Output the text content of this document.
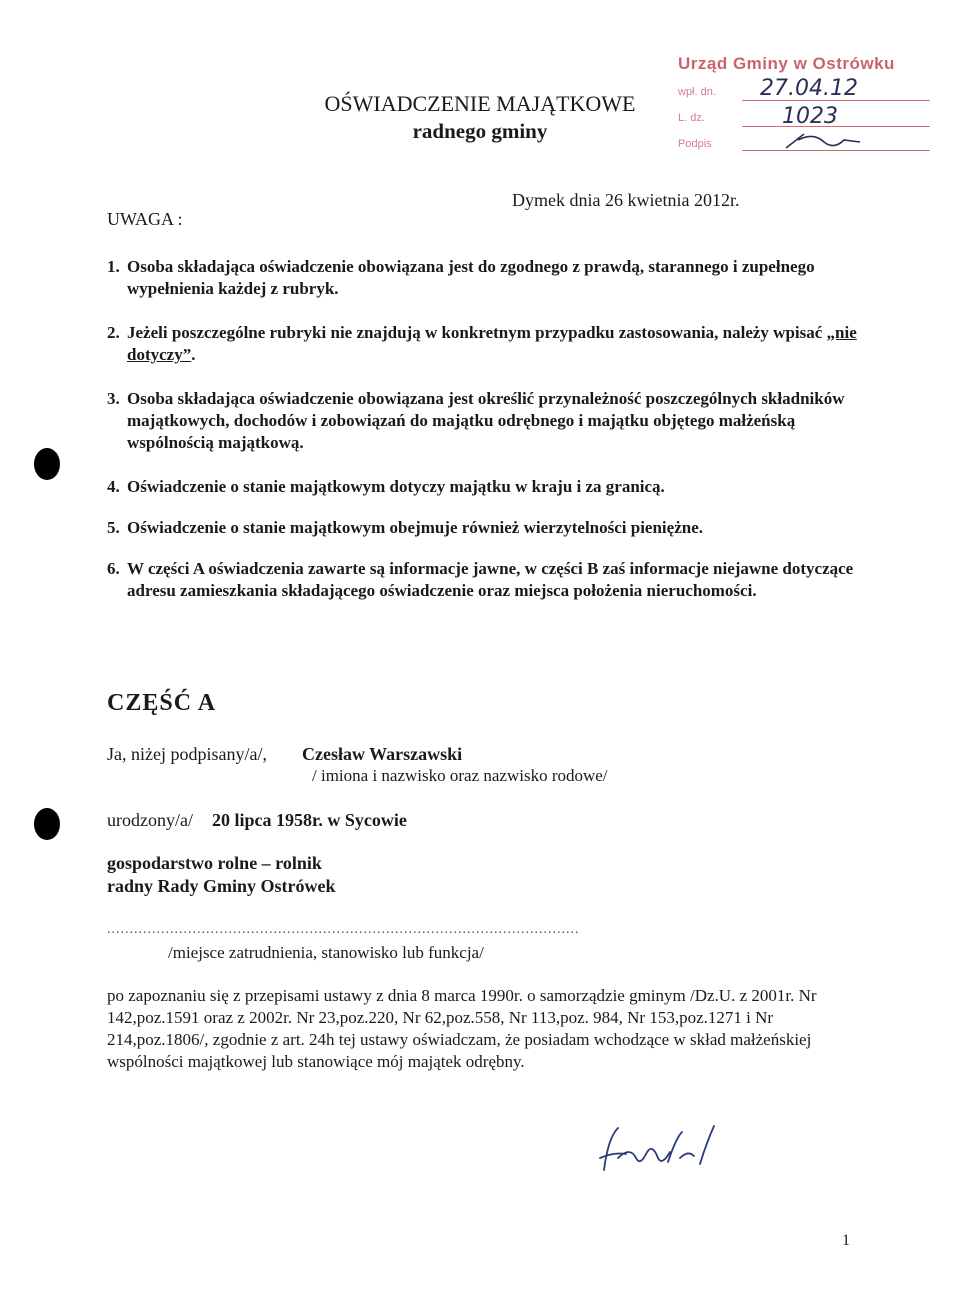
OŚWIADCZENIE MAJĄTKOWE
radnego gminy
Urząd Gminy w Ostrówku
wpł. dn. 27.04.12
L. dz.	1023
Podpis
Dymek dnia 26 kwietnia 2012r.
UWAGA :
1. Osoba składająca oświadczenie obowiązana jest do zgodnego z prawdą, starannego i zupełnego wypełnienia każdej z rubryk.
2. Jeżeli poszczególne rubryki nie znajdują w konkretnym przypadku zastosowania, należy wpisać „nie dotyczy”.
3. Osoba składająca oświadczenie obowiązana jest określić przynależność poszczególnych składników majątkowych, dochodów i zobowiązań do majątku odrębnego i majątku objętego małżeńską wspólnością majątkową.
4. Oświadczenie o stanie majątkowym dotyczy majątku w kraju i za granicą.
5. Oświadczenie o stanie majątkowym obejmuje również wierzytelności pieniężne.
6. W części A oświadczenia zawarte są informacje jawne, w części B zaś informacje niejawne dotyczące adresu zamieszkania składającego oświadczenie oraz miejsca położenia nieruchomości.
CZĘŚĆ A
Ja, niżej podpisany/a/, Czesław Warszawski
/ imiona i nazwisko oraz nazwisko rodowe/
urodzony/a/ 20 lipca 1958r. w Sycowie
gospodarstwo rolne – rolnik
radny Rady Gminy Ostrówek
.........................................................................................................
/miejsce zatrudnienia, stanowisko lub funkcja/
po zapoznaniu się z przepisami ustawy z dnia 8 marca 1990r. o samorządzie gminym /Dz.U. z 2001r. Nr 142,poz.1591 oraz z 2002r. Nr 23,poz.220, Nr 62,poz.558, Nr 113,poz. 984, Nr 153,poz.1271 i Nr 214,poz.1806/, zgodnie z art. 24h tej ustawy oświadczam, że posiadam wchodzące w skład małżeńskiej wspólności majątkowej lub stanowiące mój majątek odrębny.
1
